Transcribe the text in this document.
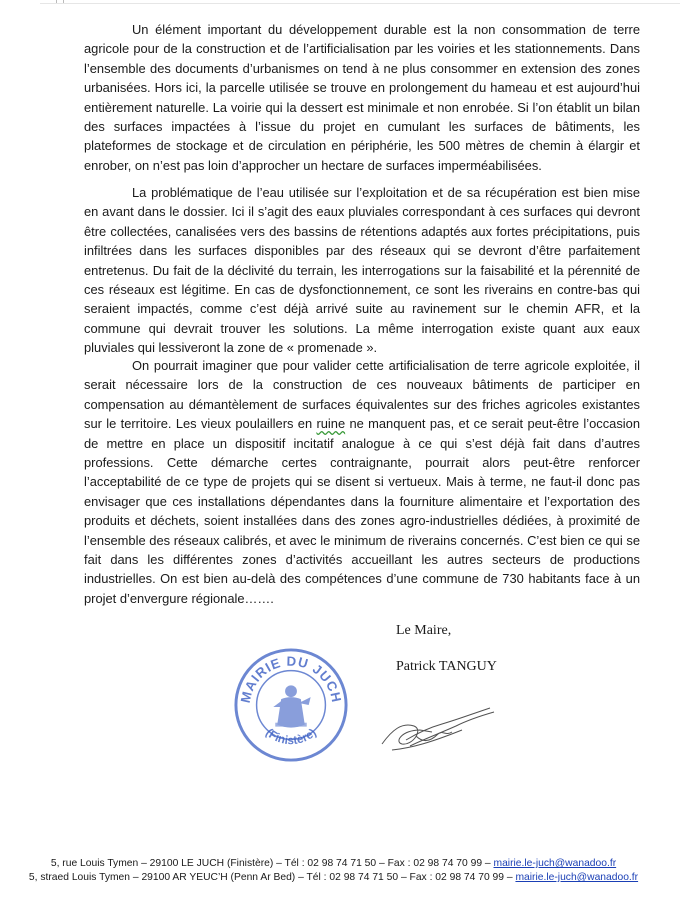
Un élément important du développement durable est la non consommation de terre agricole pour de la construction et de l’artificialisation par les voiries et les stationnements. Dans l’ensemble des documents d’urbanismes on tend à ne plus consommer en extension des zones urbanisées. Hors ici, la parcelle utilisée se trouve en prolongement du hameau et est aujourd’hui entièrement naturelle. La voirie qui la dessert est minimale et non enrobée. Si l’on établit un bilan des surfaces impactées à l’issue du projet en cumulant les surfaces de bâtiments, les plateformes de stockage et de circulation en périphérie, les 500 mètres de chemin à élargir et enrober, on n’est pas loin d’approcher un hectare de surfaces imperméabilisées.

La problématique de l’eau utilisée sur l’exploitation et de sa récupération est bien mise en avant dans le dossier. Ici il s’agit des eaux pluviales correspondant à ces surfaces qui devront être collectées, canalisées vers des bassins de rétentions adaptés aux fortes précipitations, puis infiltrées dans les surfaces disponibles par des réseaux qui se devront d’être parfaitement entretenus. Du fait de la déclivité du terrain, les interrogations sur la faisabilité et la pérennité de ces réseaux est légitime. En cas de dysfonctionnement, ce sont les riverains en contre-bas qui seraient impactés, comme c’est déjà arrivé suite au ravinement sur le chemin AFR, et la commune qui devrait trouver les solutions. La même interrogation existe quant aux eaux pluviales qui lessiveront la zone de « promenade ».

On pourrait imaginer que pour valider cette artificialisation de terre agricole exploitée, il serait nécessaire lors de la construction de ces nouveaux bâtiments de participer en compensation au démantèlement de surfaces équivalentes sur des friches agricoles existantes sur le territoire. Les vieux poulaillers en ruine ne manquent pas, et ce serait peut-être l’occasion de mettre en place un dispositif incitatif analogue à ce qui s’est déjà fait dans d’autres professions. Cette démarche certes contraignante, pourrait alors peut-être renforcer l’acceptabilité de ce type de projets qui se disent si vertueux. Mais à terme, ne faut-il donc pas envisager que ces installations dépendantes dans la fourniture alimentaire et l’exportation des produits et déchets, soient installées dans des zones agro-industrielles dédiées, à proximité de l’ensemble des réseaux calibrés, et avec le minimum de riverains concernés. C’est bien ce qui se fait dans les différentes zones d’activités accueillant les autres secteurs de productions industrielles. On est bien au-delà des compétences d’une commune de 730 habitants face à un projet d’envergure régionale…….

Le Maire,

Patrick TANGUY

MAIRIE DU JUCH
(Finistère)

5, rue Louis Tymen – 29100 LE JUCH (Finistère) – Tél : 02 98 74 71 50 – Fax : 02 98 74 70 99 – mairie.le-juch@wanadoo.fr

5, straed Louis Tymen – 29100 AR YEUC’H (Penn Ar Bed) – Tél : 02 98 74 71 50 – Fax : 02 98 74 70 99 – mairie.le-juch@wanadoo.fr
